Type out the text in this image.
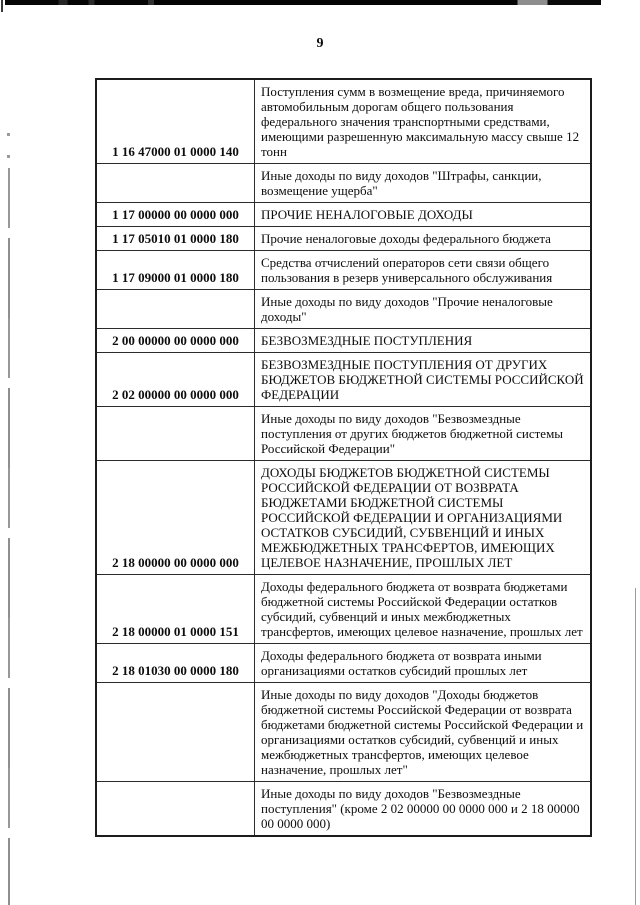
9
1 16 47000 01 0000 140	Поступления сумм в возмещение вреда, причиняемого автомобильным дорогам общего пользования федерального значения транспортными средствами, имеющими разрешенную максимальную массу свыше 12 тонн
	Иные доходы по виду доходов "Штрафы, санкции, возмещение ущерба"
1 17 00000 00 0000 000	ПРОЧИЕ НЕНАЛОГОВЫЕ ДОХОДЫ
1 17 05010 01 0000 180	Прочие неналоговые доходы федерального бюджета
1 17 09000 01 0000 180	Средства отчислений операторов сети связи общего пользования в резерв универсального обслуживания
	Иные доходы по виду доходов "Прочие неналоговые доходы"
2 00 00000 00 0000 000	БЕЗВОЗМЕЗДНЫЕ ПОСТУПЛЕНИЯ
2 02 00000 00 0000 000	БЕЗВОЗМЕЗДНЫЕ ПОСТУПЛЕНИЯ ОТ ДРУГИХ БЮДЖЕТОВ БЮДЖЕТНОЙ СИСТЕМЫ РОССИЙСКОЙ ФЕДЕРАЦИИ
	Иные доходы по виду доходов "Безвозмездные поступления от других бюджетов бюджетной системы Российской Федерации"
2 18 00000 00 0000 000	ДОХОДЫ БЮДЖЕТОВ БЮДЖЕТНОЙ СИСТЕМЫ РОССИЙСКОЙ ФЕДЕРАЦИИ ОТ ВОЗВРАТА БЮДЖЕТАМИ БЮДЖЕТНОЙ СИСТЕМЫ РОССИЙСКОЙ ФЕДЕРАЦИИ И ОРГАНИЗАЦИЯМИ ОСТАТКОВ СУБСИДИЙ, СУБВЕНЦИЙ И ИНЫХ МЕЖБЮДЖЕТНЫХ ТРАНСФЕРТОВ, ИМЕЮЩИХ ЦЕЛЕВОЕ НАЗНАЧЕНИЕ, ПРОШЛЫХ ЛЕТ
2 18 00000 01 0000 151	Доходы федерального бюджета от возврата бюджетами бюджетной системы Российской Федерации остатков субсидий, субвенций и иных межбюджетных трансфертов, имеющих целевое назначение, прошлых лет
2 18 01030 00 0000 180	Доходы федерального бюджета от возврата иными организациями остатков субсидий прошлых лет
	Иные доходы по виду доходов "Доходы бюджетов бюджетной системы Российской Федерации от возврата бюджетами бюджетной системы Российской Федерации и организациями остатков субсидий, субвенций и иных межбюджетных трансфертов, имеющих целевое назначение, прошлых лет"
	Иные доходы по виду доходов "Безвозмездные поступления" (кроме 2 02 00000 00 0000 000 и 2 18 00000 00 0000 000)
